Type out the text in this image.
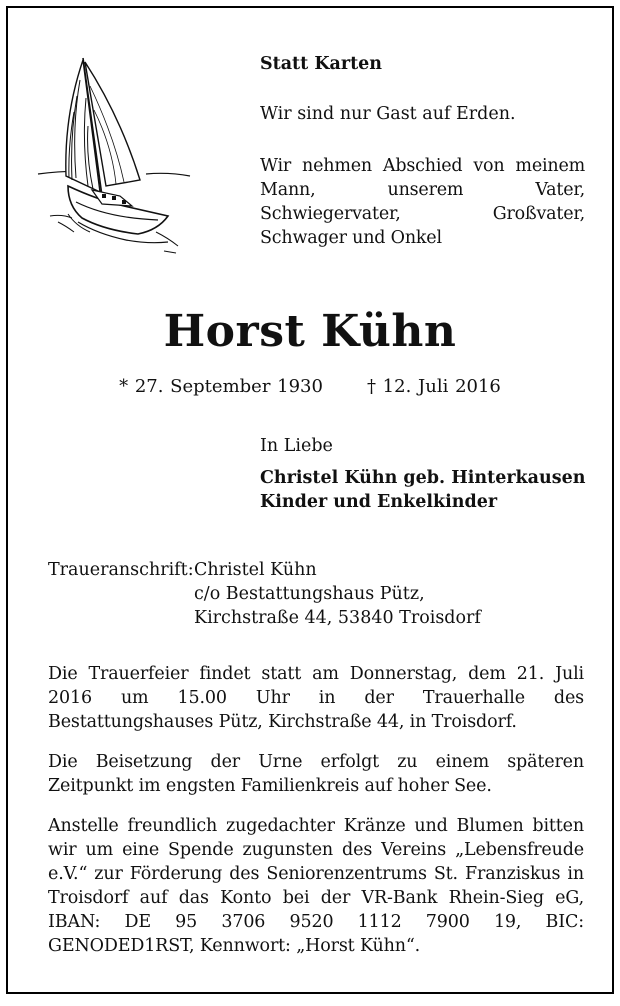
Statt Karten

Wir sind nur Gast auf Erden.

Wir nehmen Abschied von meinem Mann, unserem Vater, Schwiegervater, Großvater, Schwager und Onkel

Horst Kühn
* 27. September 1930 † 12. Juli 2016

In Liebe

Christel Kühn geb. Hinterkausen

Kinder und Enkelkinder

Traueranschrift: Christel Kühn
c/o Bestattungshaus Pütz,
Kirchstraße 44, 53840 Troisdorf

Die Trauerfeier findet statt am Donnerstag, dem 21. Juli 2016 um 15.00 Uhr in der Trauerhalle des Bestattungshauses Pütz, Kirchstraße 44, in Troisdorf.

Die Beisetzung der Urne erfolgt zu einem späteren Zeitpunkt im engsten Familienkreis auf hoher See.

Anstelle freundlich zugedachter Kränze und Blumen bitten wir um eine Spende zugunsten des Vereins „Lebensfreude e.V.“ zur Förderung des Seniorenzentrums St. Franziskus in Troisdorf auf das Konto bei der VR-Bank Rhein-Sieg eG, IBAN: DE 95 3706 9520 1112 7900 19, BIC: GENODED1RST, Kennwort: „Horst Kühn“.
